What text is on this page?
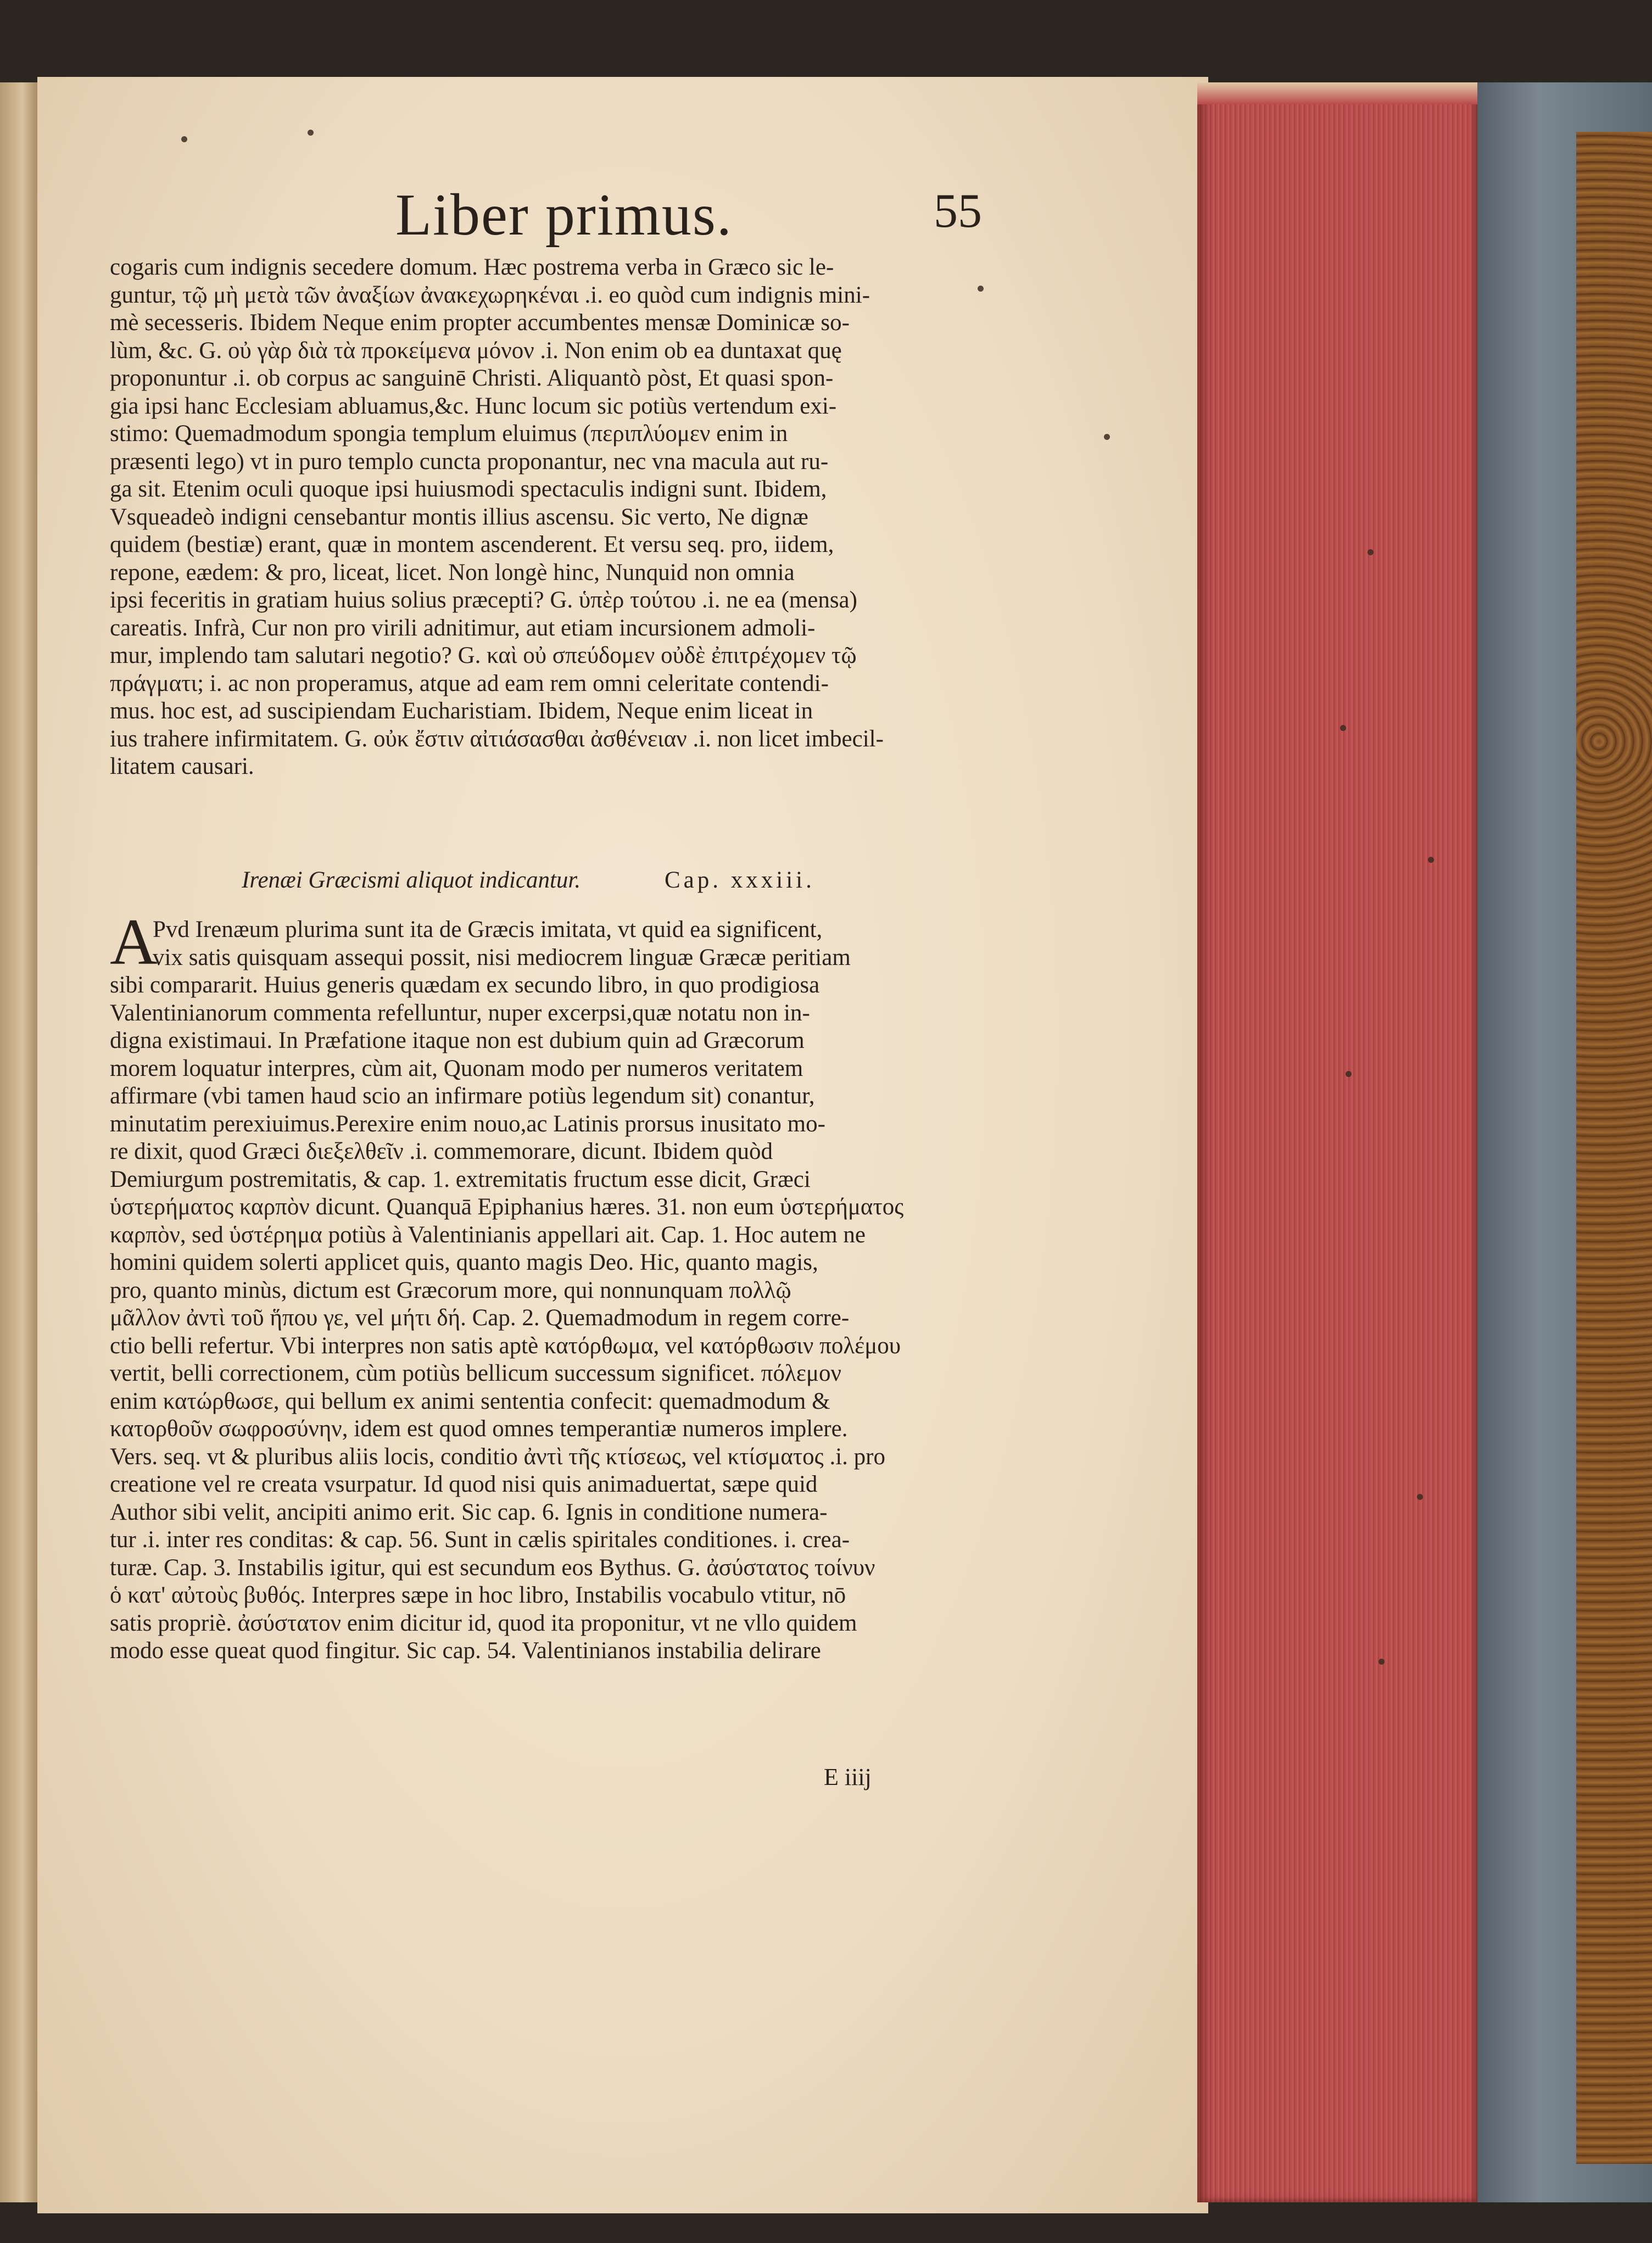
Liber primus.	55
cogaris cum indignis secedere domum. Hæc postrema verba in Græco sic le-
guntur, τῷ μὴ μετὰ τῶν ἀναξίων ἀνακεχωρηκέναι .i. eo quòd cum indignis mini-
mè secesseris. Ibidem Neque enim propter accumbentes mensæ Dominicæ so-
lùm, &c. G. οὐ γὰρ διὰ τὰ προκείμενα μόνον .i. Non enim ob ea duntaxat quę
proponuntur .i. ob corpus ac sanguinē Christi. Aliquantò pòst, Et quasi spon-
gia ipsi hanc Ecclesiam abluamus,&c. Hunc locum sic potiùs vertendum exi-
stimo: Quemadmodum spongia templum eluimus (περιπλύομεν enim in
præsenti lego) vt in puro templo cuncta proponantur, nec vna macula aut ru-
ga sit. Etenim oculi quoque ipsi huiusmodi spectaculis indigni sunt. Ibidem,
Vsqueadeò indigni censebantur montis illius ascensu. Sic verto, Ne dignæ
quidem (bestiæ) erant, quæ in montem ascenderent. Et versu seq. pro, iidem,
repone, eædem: & pro, liceat, licet. Non longè hinc, Nunquid non omnia
ipsi feceritis in gratiam huius solius præcepti? G. ὑπὲρ τούτου .i. ne ea (mensa)
careatis. Infrà, Cur non pro virili adnitimur, aut etiam incursionem admoli-
mur, implendo tam salutari negotio? G. καὶ οὐ σπεύδομεν οὐδὲ ἐπιτρέχομεν τῷ
πράγματι; i. ac non properamus, atque ad eam rem omni celeritate contendi-
mus. hoc est, ad suscipiendam Eucharistiam. Ibidem, Neque enim liceat in
ius trahere infirmitatem. G. οὐκ ἔστιν αἰτιάσασθαι ἀσθένειαν .i. non licet imbecil-
litatem causari.
Irenæi Græcismi aliquot indicantur.	Cap. xxxiii.
A
Pvd Irenæum plurima sunt ita de Græcis imitata, vt quid ea significent,
vix satis quisquam assequi possit, nisi mediocrem linguæ Græcæ peritiam
sibi compararit. Huius generis quædam ex secundo libro, in quo prodigiosa
Valentinianorum commenta refelluntur, nuper excerpsi,quæ notatu non in-
digna existimaui. In Præfatione itaque non est dubium quin ad Græcorum
morem loquatur interpres, cùm ait, Quonam modo per numeros veritatem
affirmare (vbi tamen haud scio an infirmare potiùs legendum sit) conantur,
minutatim perexiuimus.Perexire enim nouo,ac Latinis prorsus inusitato mo-
re dixit, quod Græci διεξελθεῖν .i. commemorare, dicunt. Ibidem quòd
Demiurgum postremitatis, & cap. 1. extremitatis fructum esse dicit, Græci
ὑστερήματος καρπὸν dicunt. Quanquā Epiphanius hæres. 31. non eum ὑστερήματος
καρπὸν, sed ὑστέρημα potiùs à Valentinianis appellari ait. Cap. 1. Hoc autem ne
homini quidem solerti applicet quis, quanto magis Deo. Hic, quanto magis,
pro, quanto minùs, dictum est Græcorum more, qui nonnunquam πολλῷ
μᾶλλον ἀντὶ τοῦ ἥπου γε, vel μήτι δή. Cap. 2. Quemadmodum in regem corre-
ctio belli refertur. Vbi interpres non satis aptè κατόρθωμα, vel κατόρθωσιν πολέμου
vertit, belli correctionem, cùm potiùs bellicum successum significet. πόλεμον
enim κατώρθωσε, qui bellum ex animi sententia confecit: quemadmodum &
κατορθοῦν σωφροσύνην, idem est quod omnes temperantiæ numeros implere.
Vers. seq. vt & pluribus aliis locis, conditio ἀντὶ τῆς κτίσεως, vel κτίσματος .i. pro
creatione vel re creata vsurpatur. Id quod nisi quis animaduertat, sæpe quid
Author sibi velit, ancipiti animo erit. Sic cap. 6. Ignis in conditione numera-
tur .i. inter res conditas: & cap. 56. Sunt in cælis spiritales conditiones. i. crea-
turæ. Cap. 3. Instabilis igitur, qui est secundum eos Bythus. G. ἀσύστατος τοίνυν
ὁ κατ' αὐτοὺς βυθός. Interpres sæpe in hoc libro, Instabilis vocabulo vtitur, nō
satis propriè. ἀσύστατον enim dicitur id, quod ita proponitur, vt ne vllo quidem
modo esse queat quod fingitur. Sic cap. 54. Valentinianos instabilia delirare
E iiij
